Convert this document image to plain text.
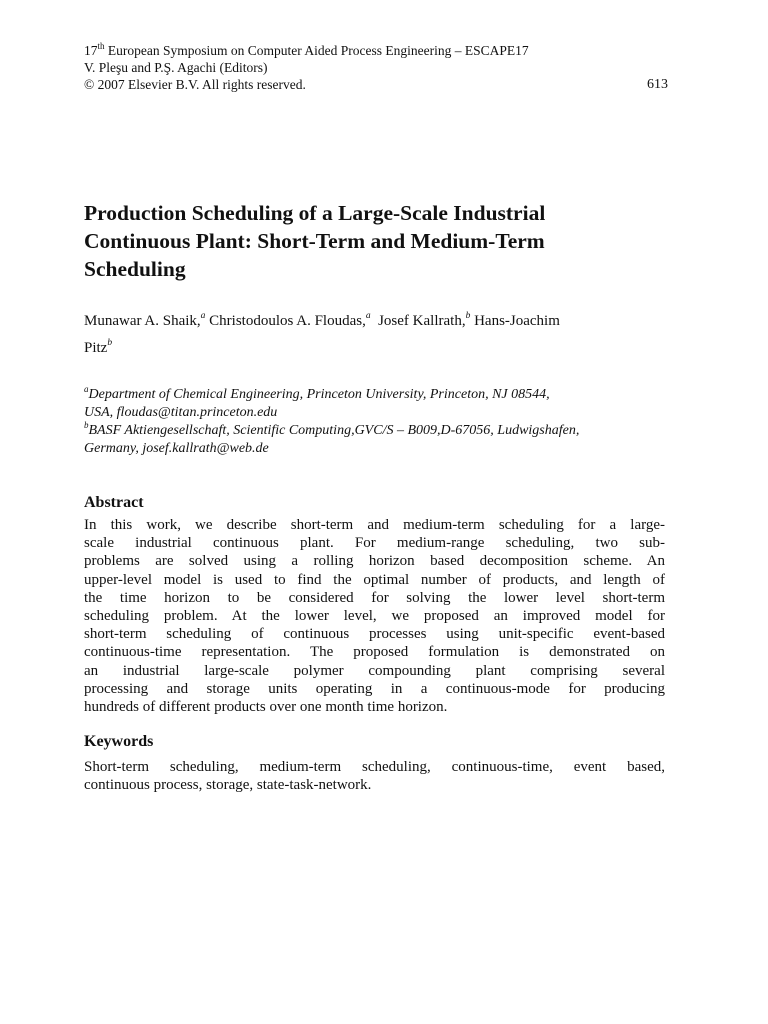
17th European Symposium on Computer Aided Process Engineering – ESCAPE17
V. Pleşu and P.Ş. Agachi (Editors)
© 2007 Elsevier B.V. All rights reserved.	613
Production Scheduling of a Large-Scale Industrial
Continuous Plant: Short-Term and Medium-Term
Scheduling
Munawar A. Shaik,$^a$ Christodoulos A. Floudas,$^a$ Josef Kallrath,$^b$ Hans-Joachim
Pitz$^b$
$^a$Department of Chemical Engineering, Princeton University, Princeton, NJ 08544,
USA, floudas@titan.princeton.edu
$^b$BASF Aktiengesellschaft, Scientific Computing,GVC/S – B009,D-67056, Ludwigshafen,
Germany, josef.kallrath@web.de
Abstract
In this work, we describe short-term and medium-term scheduling for a large-
scale industrial continuous plant. For medium-range scheduling, two sub-
problems are solved using a rolling horizon based decomposition scheme. An
upper-level model is used to find the optimal number of products, and length of
the time horizon to be considered for solving the lower level short-term
scheduling problem. At the lower level, we proposed an improved model for
short-term scheduling of continuous processes using unit-specific event-based
continuous-time representation. The proposed formulation is demonstrated on
an industrial large-scale polymer compounding plant comprising several
processing and storage units operating in a continuous-mode for producing
hundreds of different products over one month time horizon.
Keywords
Short-term scheduling, medium-term scheduling, continuous-time, event based,
continuous process, storage, state-task-network.
